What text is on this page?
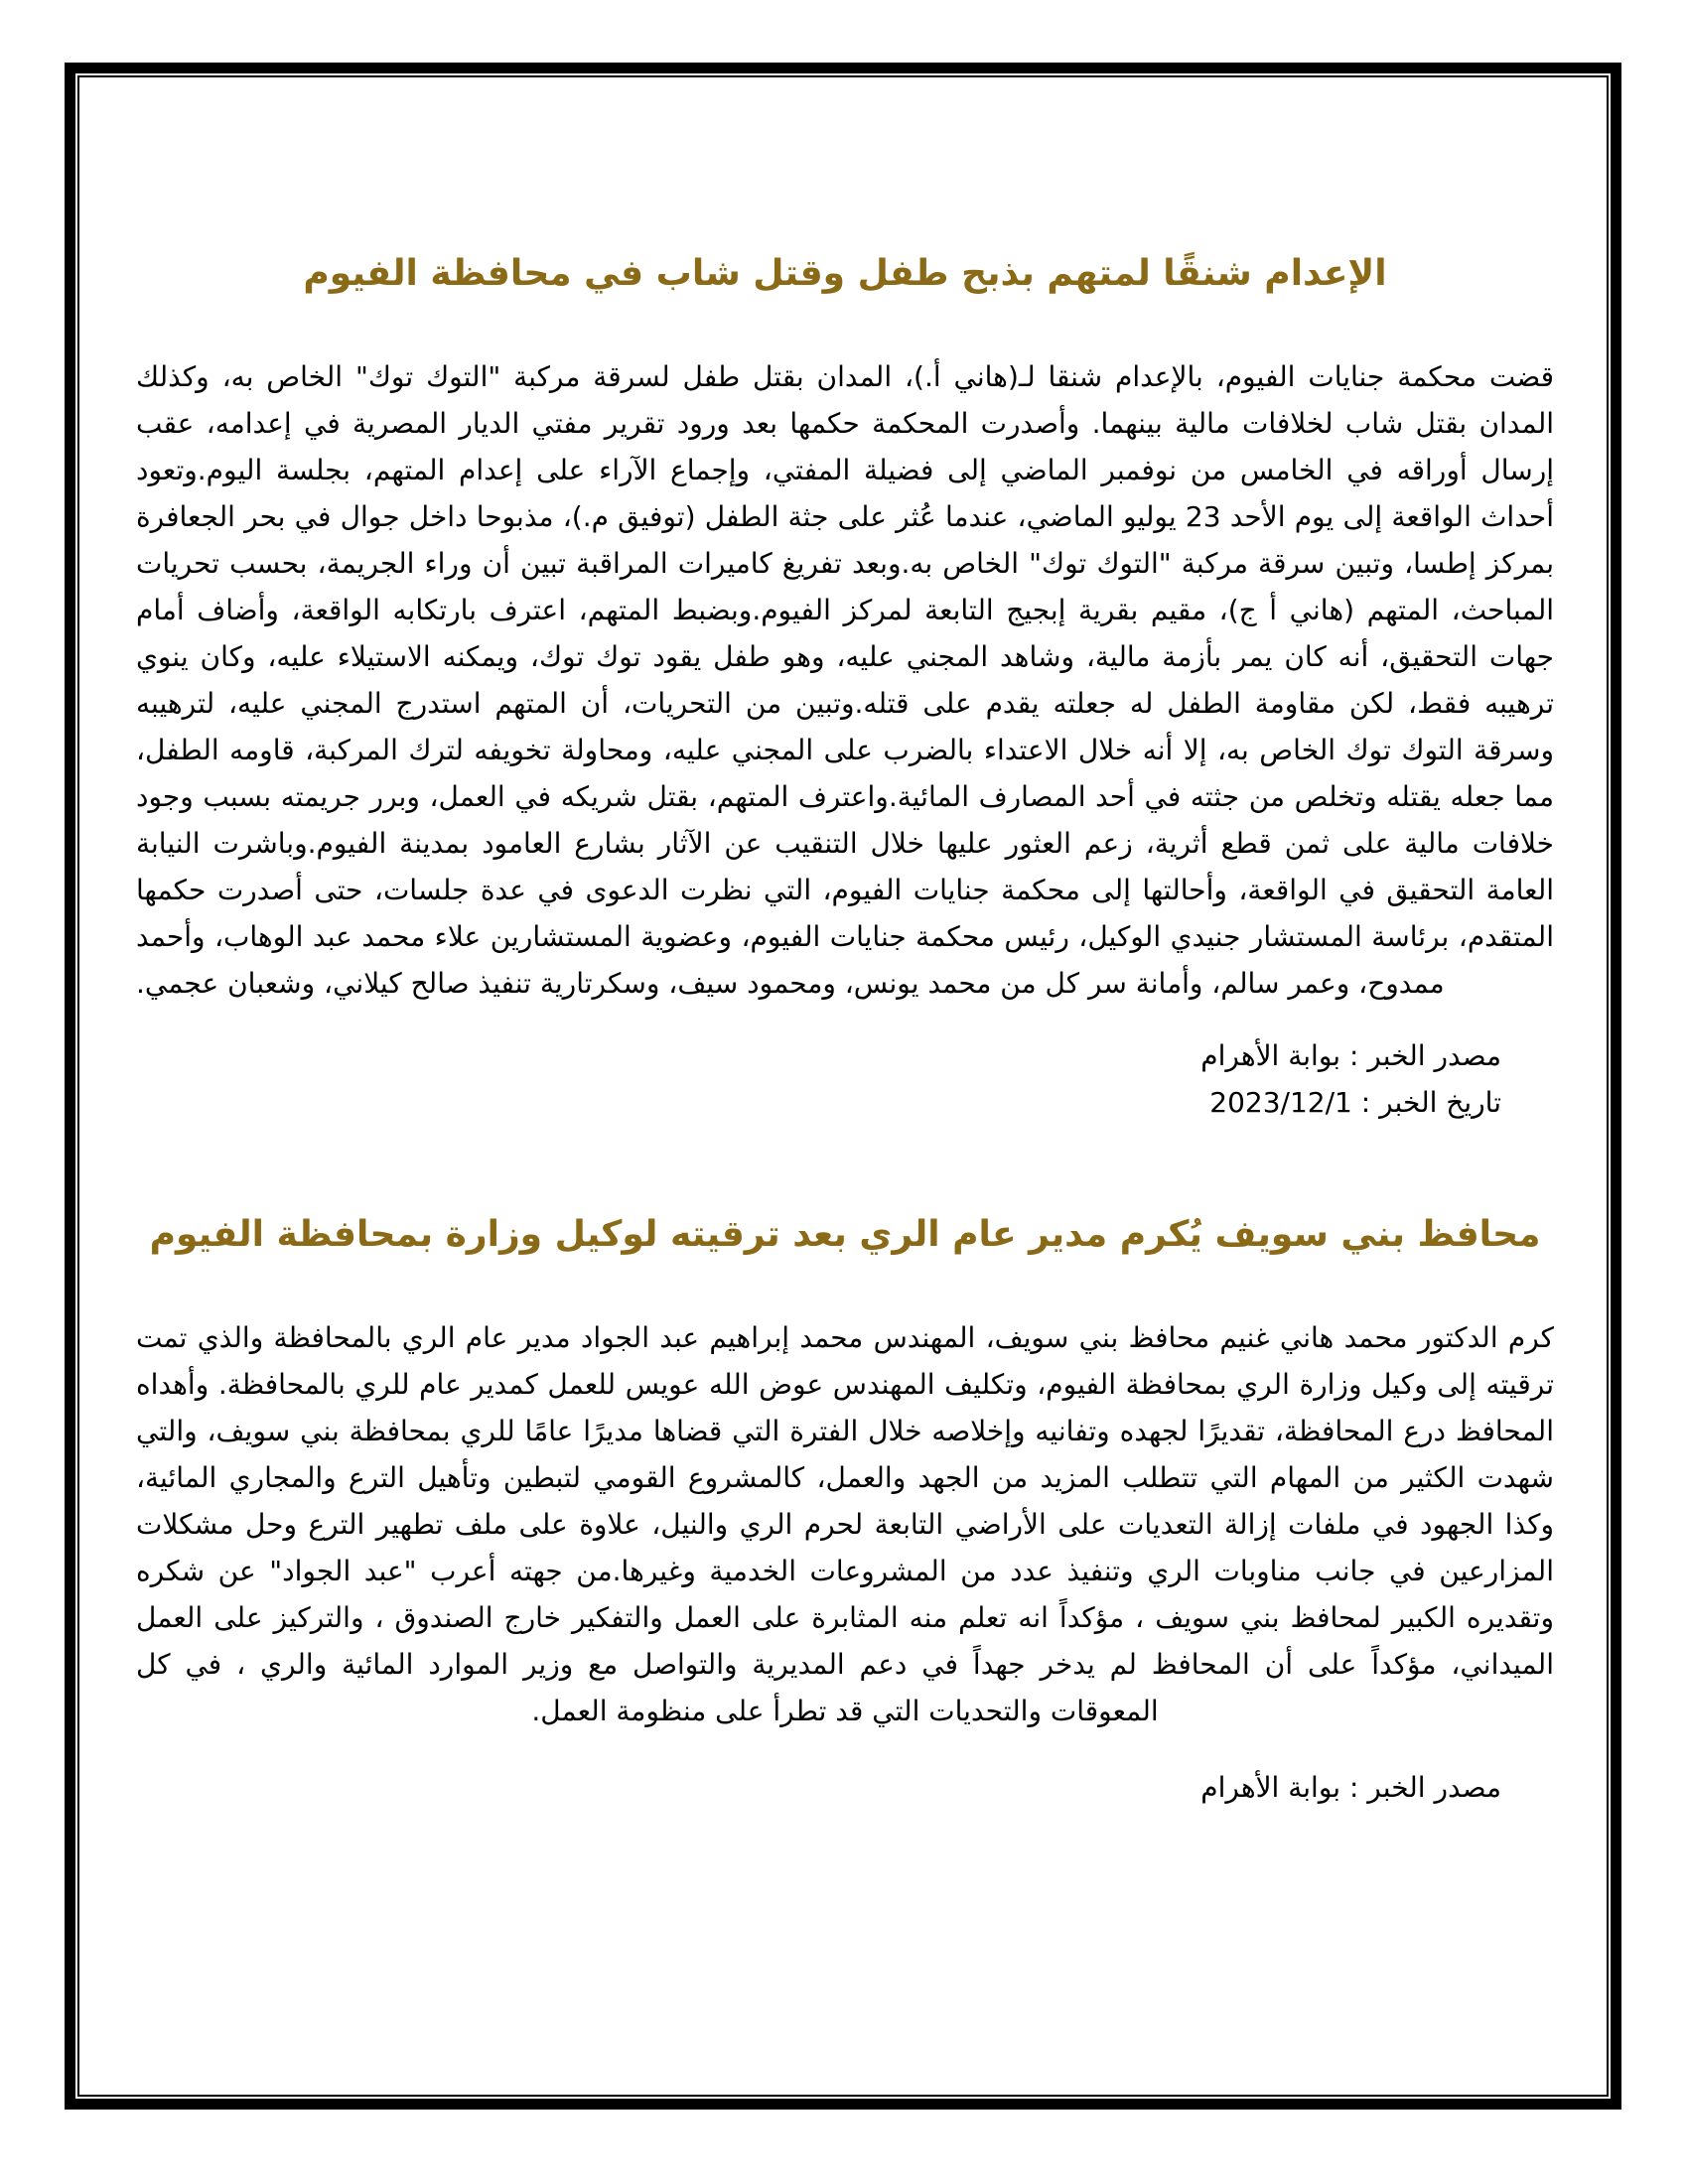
الإعدام شنقًا لمتهم بذبح طفل وقتل شاب في محافظة الفيوم

قضت محكمة جنايات الفيوم، بالإعدام شنقا لـ(هاني أ.)، المدان بقتل طفل لسرقة مركبة "التوك توك" الخاص به، وكذلك المدان بقتل شاب لخلافات مالية بينهما. وأصدرت المحكمة حكمها بعد ورود تقرير مفتي الديار المصرية في إعدامه، عقب إرسال أوراقه في الخامس من نوفمبر الماضي إلى فضيلة المفتي، وإجماع الآراء على إعدام المتهم، بجلسة اليوم.وتعود أحداث الواقعة إلى يوم الأحد 23 يوليو الماضي، عندما عُثر على جثة الطفل (توفيق م.)، مذبوحا داخل جوال في بحر الجعافرة بمركز إطسا، وتبين سرقة مركبة "التوك توك" الخاص به.وبعد تفريغ كاميرات المراقبة تبين أن وراء الجريمة، بحسب تحريات المباحث، المتهم (هاني أ ج)، مقيم بقرية إبجيج التابعة لمركز الفيوم.وبضبط المتهم، اعترف بارتكابه الواقعة، وأضاف أمام جهات التحقيق، أنه كان يمر بأزمة مالية، وشاهد المجني عليه، وهو طفل يقود توك توك، ويمكنه الاستيلاء عليه، وكان ينوي ترهيبه فقط، لكن مقاومة الطفل له جعلته يقدم على قتله.وتبين من التحريات، أن المتهم استدرج المجني عليه، لترهيبه وسرقة التوك توك الخاص به، إلا أنه خلال الاعتداء بالضرب على المجني عليه، ومحاولة تخويفه لترك المركبة، قاومه الطفل، مما جعله يقتله وتخلص من جثته في أحد المصارف المائية.واعترف المتهم، بقتل شريكه في العمل، وبرر جريمته بسبب وجود خلافات مالية على ثمن قطع أثرية، زعم العثور عليها خلال التنقيب عن الآثار بشارع العامود بمدينة الفيوم.وباشرت النيابة العامة التحقيق في الواقعة، وأحالتها إلى محكمة جنايات الفيوم، التي نظرت الدعوى في عدة جلسات، حتى أصدرت حكمها المتقدم، برئاسة المستشار جنيدي الوكيل، رئيس محكمة جنايات الفيوم، وعضوية المستشارين علاء محمد عبد الوهاب، وأحمد ممدوح، وعمر سالم، وأمانة سر كل من محمد يونس، ومحمود سيف، وسكرتارية تنفيذ صالح كيلاني، وشعبان عجمي.

مصدر الخبر : بوابة الأهرام
تاريخ الخبر : 2023/12/1
محافظ بني سويف يُكرم مدير عام الري بعد ترقيته لوكيل وزارة بمحافظة الفيوم

كرم الدكتور محمد هاني غنيم محافظ بني سويف، المهندس محمد إبراهيم عبد الجواد مدير عام الري بالمحافظة والذي تمت ترقيته إلى وكيل وزارة الري بمحافظة الفيوم، وتكليف المهندس عوض الله عويس للعمل كمدير عام للري بالمحافظة. وأهداه المحافظ درع المحافظة، تقديرًا لجهده وتفانيه وإخلاصه خلال الفترة التي قضاها مديرًا عامًا للري بمحافظة بني سويف، والتي شهدت الكثير من المهام التي تتطلب المزيد من الجهد والعمل، كالمشروع القومي لتبطين وتأهيل الترع والمجاري المائية، وكذا الجهود في ملفات إزالة التعديات على الأراضي التابعة لحرم الري والنيل، علاوة على ملف تطهير الترع وحل مشكلات المزارعين في جانب مناوبات الري وتنفيذ عدد من المشروعات الخدمية وغيرها.من جهته أعرب "عبد الجواد" عن شكره وتقديره الكبير لمحافظ بني سويف ، مؤكداً انه تعلم منه المثابرة على العمل والتفكير خارج الصندوق ، والتركيز على العمل الميداني، مؤكداً على أن المحافظ لم يدخر جهداً في دعم المديرية والتواصل مع وزير الموارد المائية والري ، في كل المعوقات والتحديات التي قد تطرأ على منظومة العمل.

مصدر الخبر : بوابة الأهرام
